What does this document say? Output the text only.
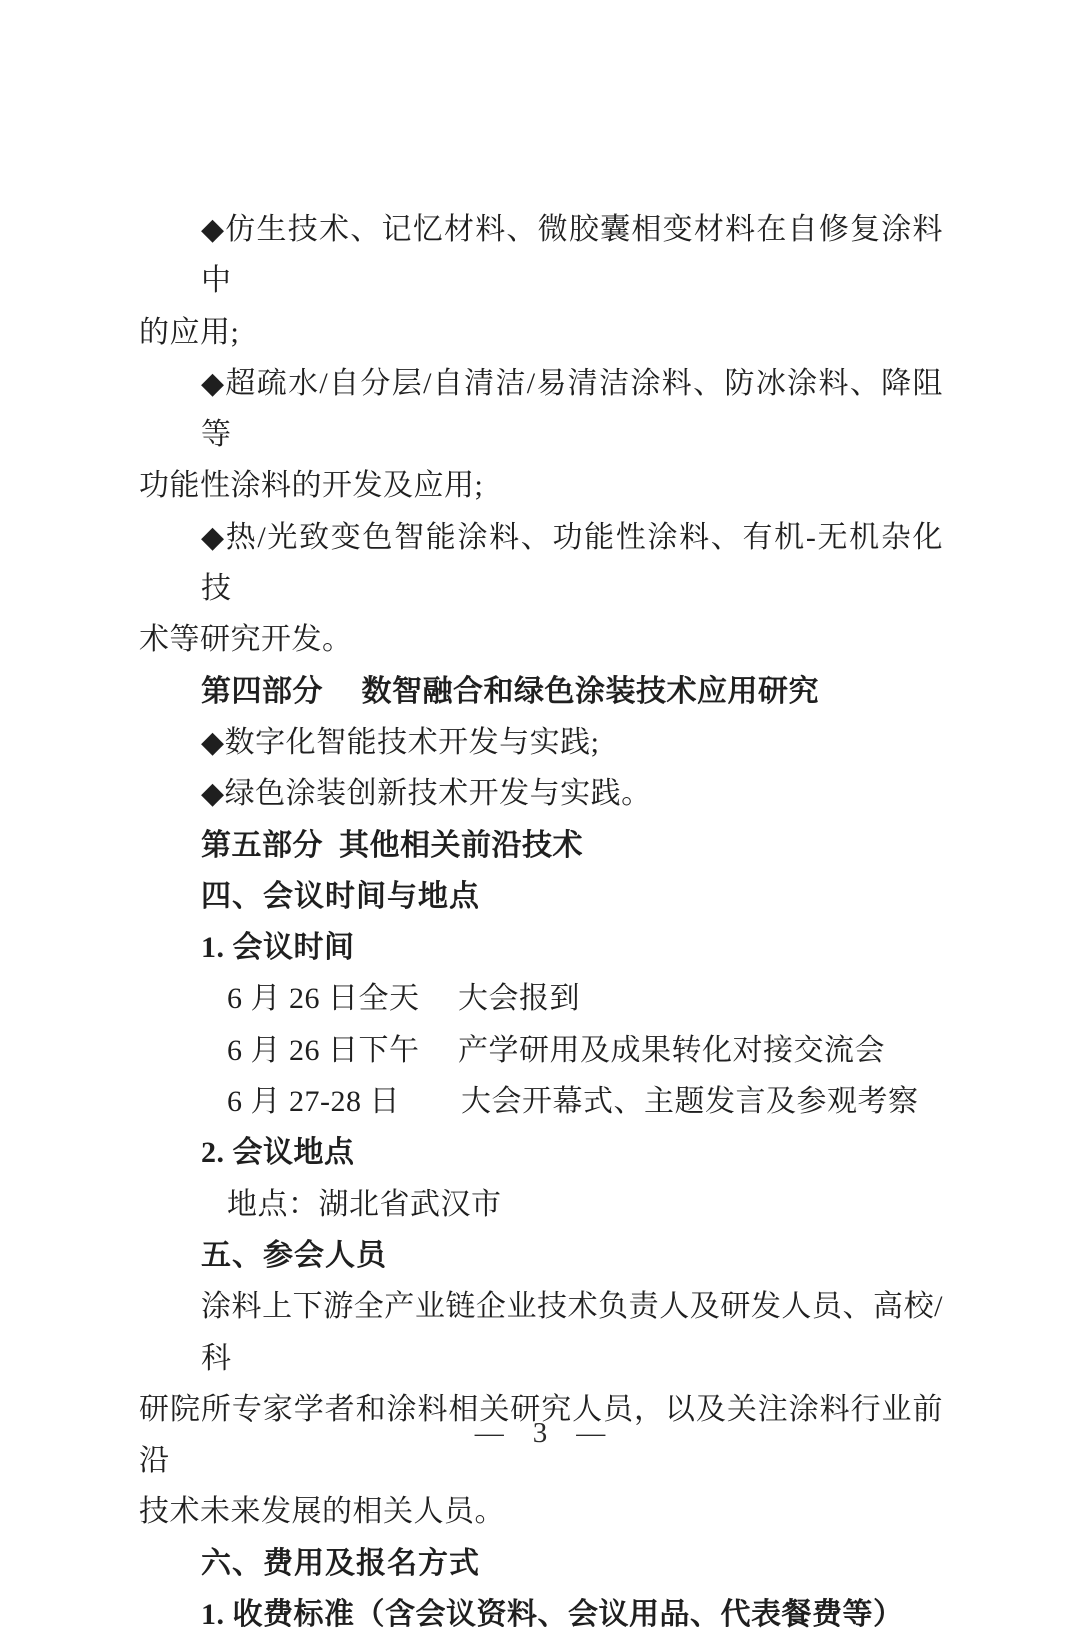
◆仿生技术、记忆材料、微胶囊相变材料在自修复涂料中
的应用;
◆超疏水/自分层/自清洁/易清洁涂料、防冰涂料、降阻等
功能性涂料的开发及应用;
◆热/光致变色智能涂料、功能性涂料、有机-无机杂化技
术等研究开发。
第四部分　 数智融合和绿色涂装技术应用研究
◆数字化智能技术开发与实践;
◆绿色涂装创新技术开发与实践。
第五部分  其他相关前沿技术
四、会议时间与地点
1. 会议时间
6 月 26 日全天　 大会报到
6 月 26 日下午　 产学研用及成果转化对接交流会
6 月 27-28 日　　大会开幕式、主题发言及参观考察
2. 会议地点
地点：湖北省武汉市
五、参会人员
涂料上下游全产业链企业技术负责人及研发人员、高校/科
研院所专家学者和涂料相关研究人员，以及关注涂料行业前沿
技术未来发展的相关人员。
六、费用及报名方式
1. 收费标准（含会议资料、会议用品、代表餐费等）
—　3　—
